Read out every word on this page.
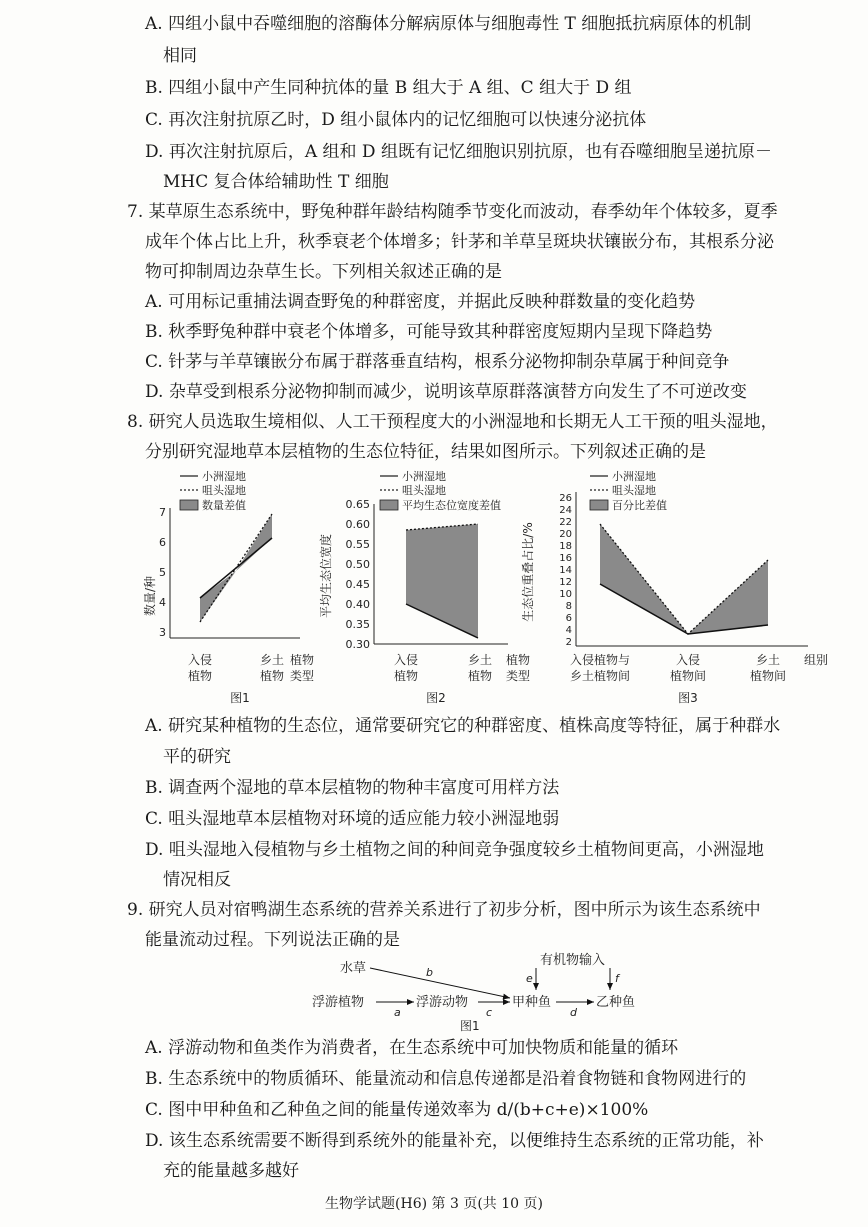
A. 四组小鼠中吞噬细胞的溶酶体分解病原体与细胞毒性 T 细胞抵抗病原体的机制
相同
B. 四组小鼠中产生同种抗体的量 B 组大于 A 组、C 组大于 D 组
C. 再次注射抗原乙时，D 组小鼠体内的记忆细胞可以快速分泌抗体
D. 再次注射抗原后，A 组和 D 组既有记忆细胞识别抗原，也有吞噬细胞呈递抗原－
MHC 复合体给辅助性 T 细胞
7. 某草原生态系统中，野兔种群年龄结构随季节变化而波动，春季幼年个体较多，夏季
成年个体占比上升，秋季衰老个体增多；针茅和羊草呈斑块状镶嵌分布，其根系分泌
物可抑制周边杂草生长。下列相关叙述正确的是
A. 可用标记重捕法调查野兔的种群密度，并据此反映种群数量的变化趋势
B. 秋季野兔种群中衰老个体增多，可能导致其种群密度短期内呈现下降趋势
C. 针茅与羊草镶嵌分布属于群落垂直结构，根系分泌物抑制杂草属于种间竞争
D. 杂草受到根系分泌物抑制而减少，说明该草原群落演替方向发生了不可逆改变
8. 研究人员选取生境相似、人工干预程度大的小洲湿地和长期无人工干预的咀头湿地，
分别研究湿地草本层植物的生态位特征，结果如图所示。下列叙述正确的是
小洲湿地
咀头湿地
数量差值
数量/种
7
6
5
4
3
入侵
植物
乡土
植物
植物
类型
图1
小洲湿地
咀头湿地
平均生态位宽度差值
平均生态位宽度
0.65
0.60
0.55
0.50
0.45
0.40
0.35
0.30
入侵
植物
乡土
植物
植物
类型
图2
小洲湿地
咀头湿地
百分比差值
生态位重叠占比/%
26
24
22
20
18
16
14
12
10
8
6
4
2
入侵植物与
乡土植物间
入侵
植物间
乡土
植物间
组别
图3
A. 研究某种植物的生态位，通常要研究它的种群密度、植株高度等特征，属于种群水
平的研究
B. 调查两个湿地的草本层植物的物种丰富度可用样方法
C. 咀头湿地草本层植物对环境的适应能力较小洲湿地弱
D. 咀头湿地入侵植物与乡土植物之间的种间竞争强度较乡土植物间更高，小洲湿地
情况相反
9. 研究人员对宿鸭湖生态系统的营养关系进行了初步分析，图中所示为该生态系统中
能量流动过程。下列说法正确的是
水草
浮游植物	浮游动物	甲种鱼	乙种鱼
有机物输入
b
a	c	d
e	f
图1
A. 浮游动物和鱼类作为消费者，在生态系统中可加快物质和能量的循环
B. 生态系统中的物质循环、能量流动和信息传递都是沿着食物链和食物网进行的
C. 图中甲种鱼和乙种鱼之间的能量传递效率为 d/(b+c+e)×100%
D. 该生态系统需要不断得到系统外的能量补充，以便维持生态系统的正常功能，补
充的能量越多越好
生物学试题(H6) 第 3 页(共 10 页)
